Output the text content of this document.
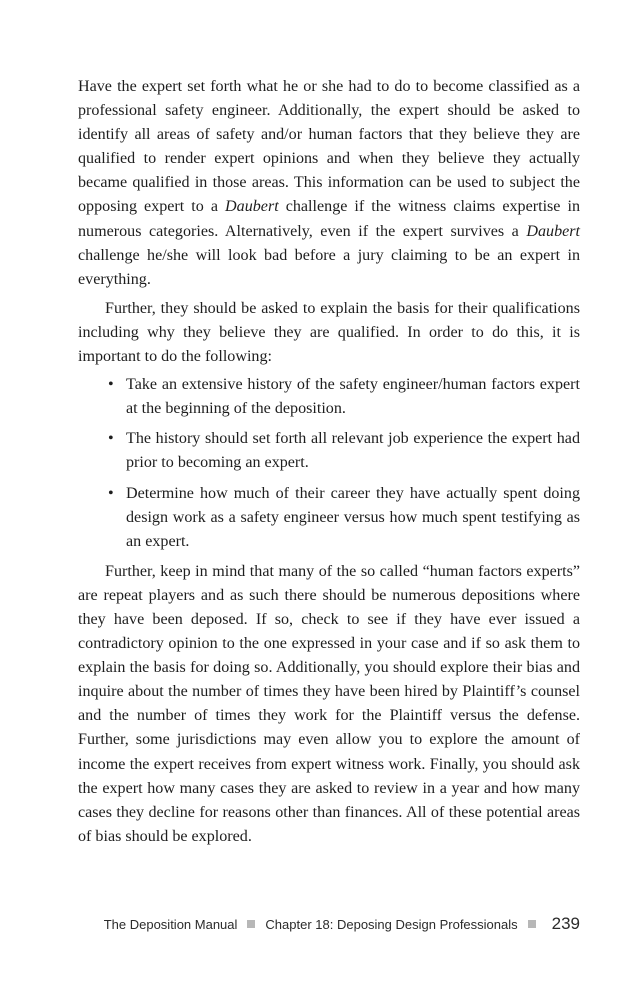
Have the expert set forth what he or she had to do to become classified as a professional safety engineer. Additionally, the expert should be asked to identify all areas of safety and/or human factors that they believe they are qualified to render expert opinions and when they believe they actually became qualified in those areas. This information can be used to subject the opposing expert to a Daubert challenge if the witness claims expertise in numerous categories. Alternatively, even if the expert survives a Daubert challenge he/she will look bad before a jury claiming to be an expert in everything.

Further, they should be asked to explain the basis for their qualifications including why they believe they are qualified. In order to do this, it is important to do the following:

• Take an extensive history of the safety engineer/human factors expert at the beginning of the deposition.
• The history should set forth all relevant job experience the expert had prior to becoming an expert.
• Determine how much of their career they have actually spent doing design work as a safety engineer versus how much spent testifying as an expert.

Further, keep in mind that many of the so called “human factors experts” are repeat players and as such there should be numerous depositions where they have been deposed. If so, check to see if they have ever issued a contradictory opinion to the one expressed in your case and if so ask them to explain the basis for doing so. Additionally, you should explore their bias and inquire about the number of times they have been hired by Plaintiff’s counsel and the number of times they work for the Plaintiff versus the defense. Further, some jurisdictions may even allow you to explore the amount of income the expert receives from expert witness work. Finally, you should ask the expert how many cases they are asked to review in a year and how many cases they decline for reasons other than finances. All of these potential areas of bias should be explored.

The Deposition Manual Chapter 18: Deposing Design Professionals 239
